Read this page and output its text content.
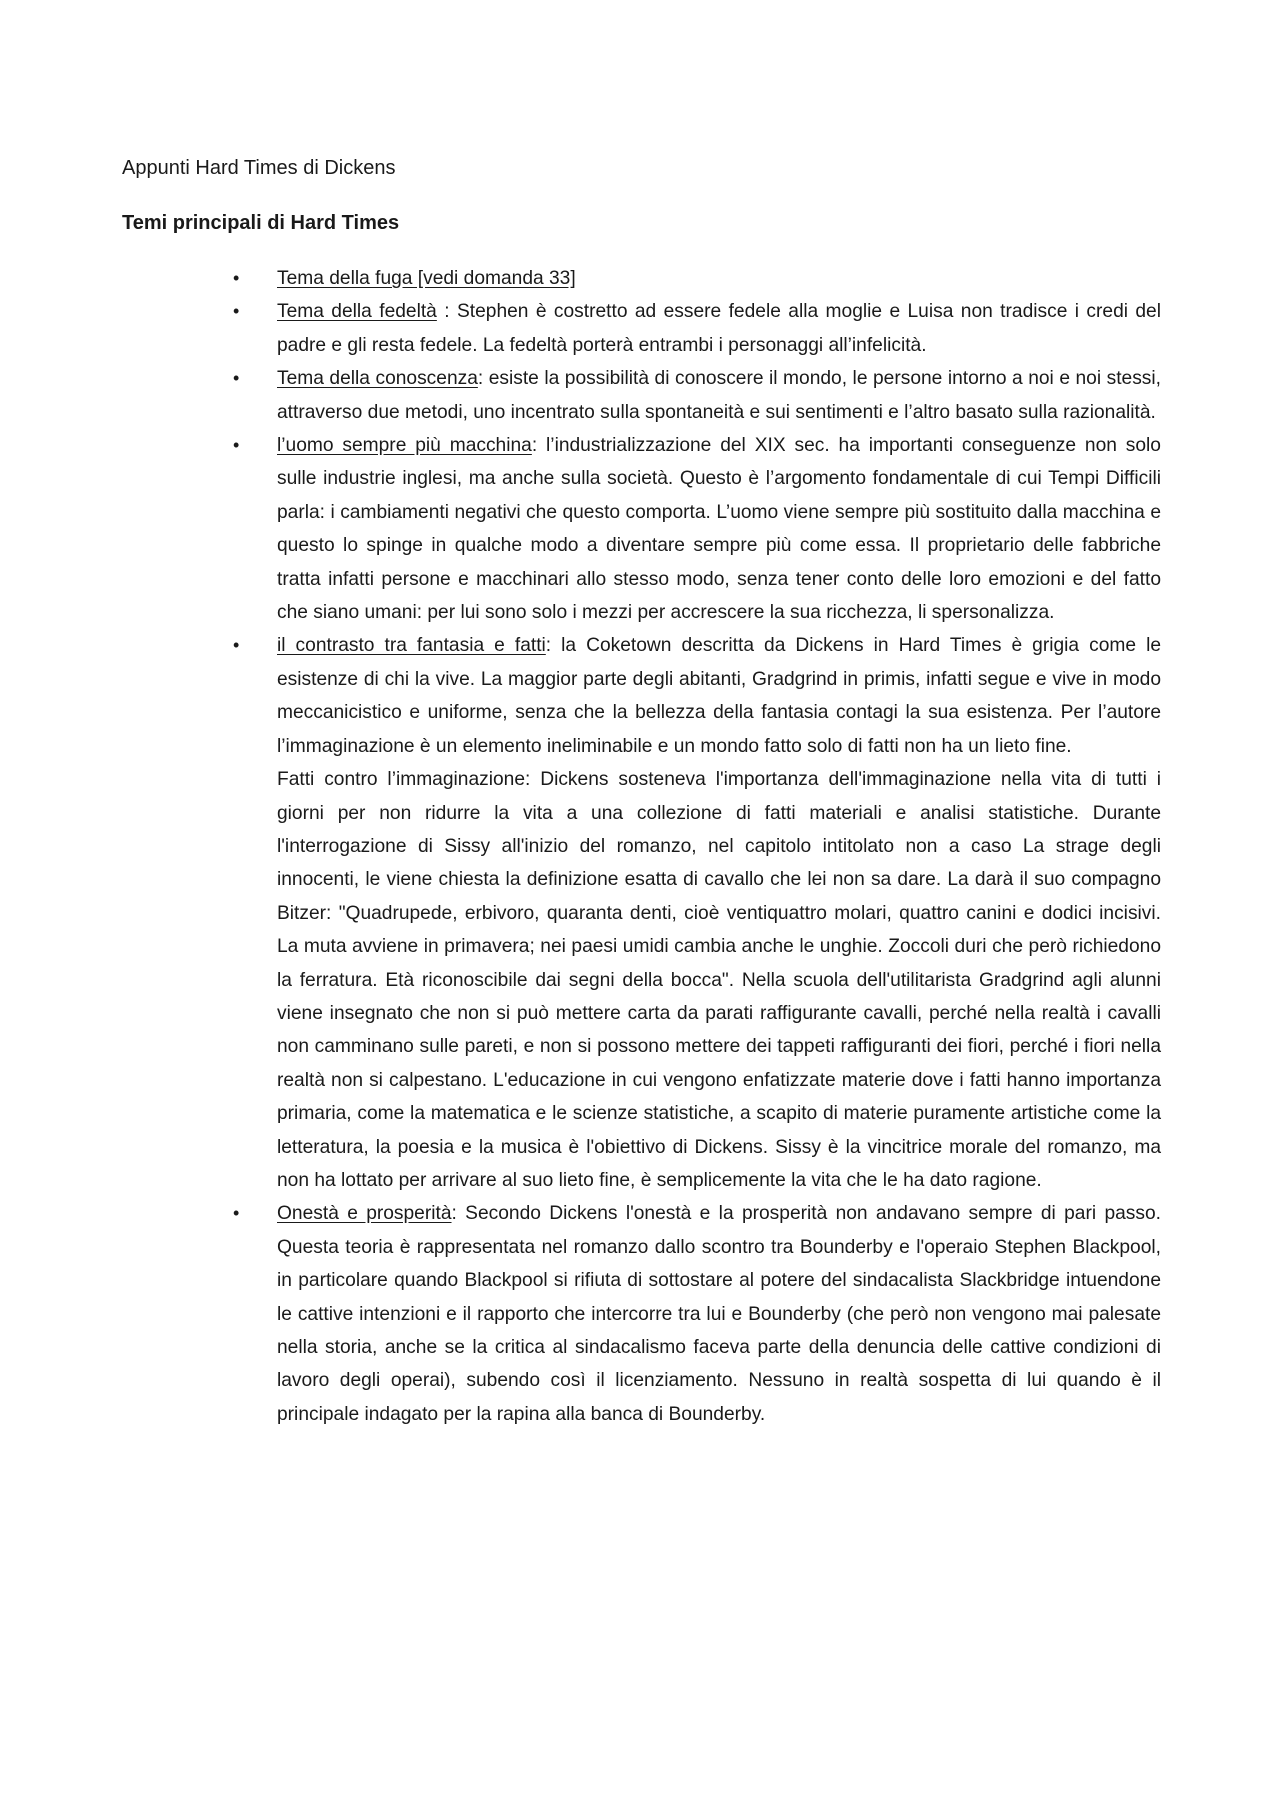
Appunti Hard Times di Dickens

Temi principali di Hard Times

• Tema della fuga [vedi domanda 33]
• Tema della fedeltà : Stephen è costretto ad essere fedele alla moglie e Luisa non tradisce i credi del padre e gli resta fedele. La fedeltà porterà entrambi i personaggi all’infelicità.
• Tema della conoscenza: esiste la possibilità di conoscere il mondo, le persone intorno a noi e noi stessi, attraverso due metodi, uno incentrato sulla spontaneità e sui sentimenti e l’altro basato sulla razionalità.
• l’uomo sempre più macchina: l’industrializzazione del XIX sec. ha importanti conseguenze non solo sulle industrie inglesi, ma anche sulla società. Questo è l’argomento fondamentale di cui Tempi Difficili parla: i cambiamenti negativi che questo comporta. L’uomo viene sempre più sostituito dalla macchina e questo lo spinge in qualche modo a diventare sempre più come essa. Il proprietario delle fabbriche tratta infatti persone e macchinari allo stesso modo, senza tener conto delle loro emozioni e del fatto che siano umani: per lui sono solo i mezzi per accrescere la sua ricchezza, li spersonalizza.
• il contrasto tra fantasia e fatti: la Coketown descritta da Dickens in Hard Times è grigia come le esistenze di chi la vive. La maggior parte degli abitanti, Gradgrind in primis, infatti segue e vive in modo meccanicistico e uniforme, senza che la bellezza della fantasia contagi la sua esistenza. Per l’autore l’immaginazione è un elemento ineliminabile e un mondo fatto solo di fatti non ha un lieto fine.
Fatti contro l’immaginazione: Dickens sosteneva l'importanza dell'immaginazione nella vita di tutti i giorni per non ridurre la vita a una collezione di fatti materiali e analisi statistiche. Durante l'interrogazione di Sissy all'inizio del romanzo, nel capitolo intitolato non a caso La strage degli innocenti, le viene chiesta la definizione esatta di cavallo che lei non sa dare. La darà il suo compagno Bitzer: "Quadrupede, erbivoro, quaranta denti, cioè ventiquattro molari, quattro canini e dodici incisivi. La muta avviene in primavera; nei paesi umidi cambia anche le unghie. Zoccoli duri che però richiedono la ferratura. Età riconoscibile dai segni della bocca". Nella scuola dell'utilitarista Gradgrind agli alunni viene insegnato che non si può mettere carta da parati raffigurante cavalli, perché nella realtà i cavalli non camminano sulle pareti, e non si possono mettere dei tappeti raffiguranti dei fiori, perché i fiori nella realtà non si calpestano. L'educazione in cui vengono enfatizzate materie dove i fatti hanno importanza primaria, come la matematica e le scienze statistiche, a scapito di materie puramente artistiche come la letteratura, la poesia e la musica è l'obiettivo di Dickens. Sissy è la vincitrice morale del romanzo, ma non ha lottato per arrivare al suo lieto fine, è semplicemente la vita che le ha dato ragione.
• Onestà e prosperità: Secondo Dickens l'onestà e la prosperità non andavano sempre di pari passo. Questa teoria è rappresentata nel romanzo dallo scontro tra Bounderby e l'operaio Stephen Blackpool, in particolare quando Blackpool si rifiuta di sottostare al potere del sindacalista Slackbridge intuendone le cattive intenzioni e il rapporto che intercorre tra lui e Bounderby (che però non vengono mai palesate nella storia, anche se la critica al sindacalismo faceva parte della denuncia delle cattive condizioni di lavoro degli operai), subendo così il licenziamento. Nessuno in realtà sospetta di lui quando è il principale indagato per la rapina alla banca di Bounderby.
